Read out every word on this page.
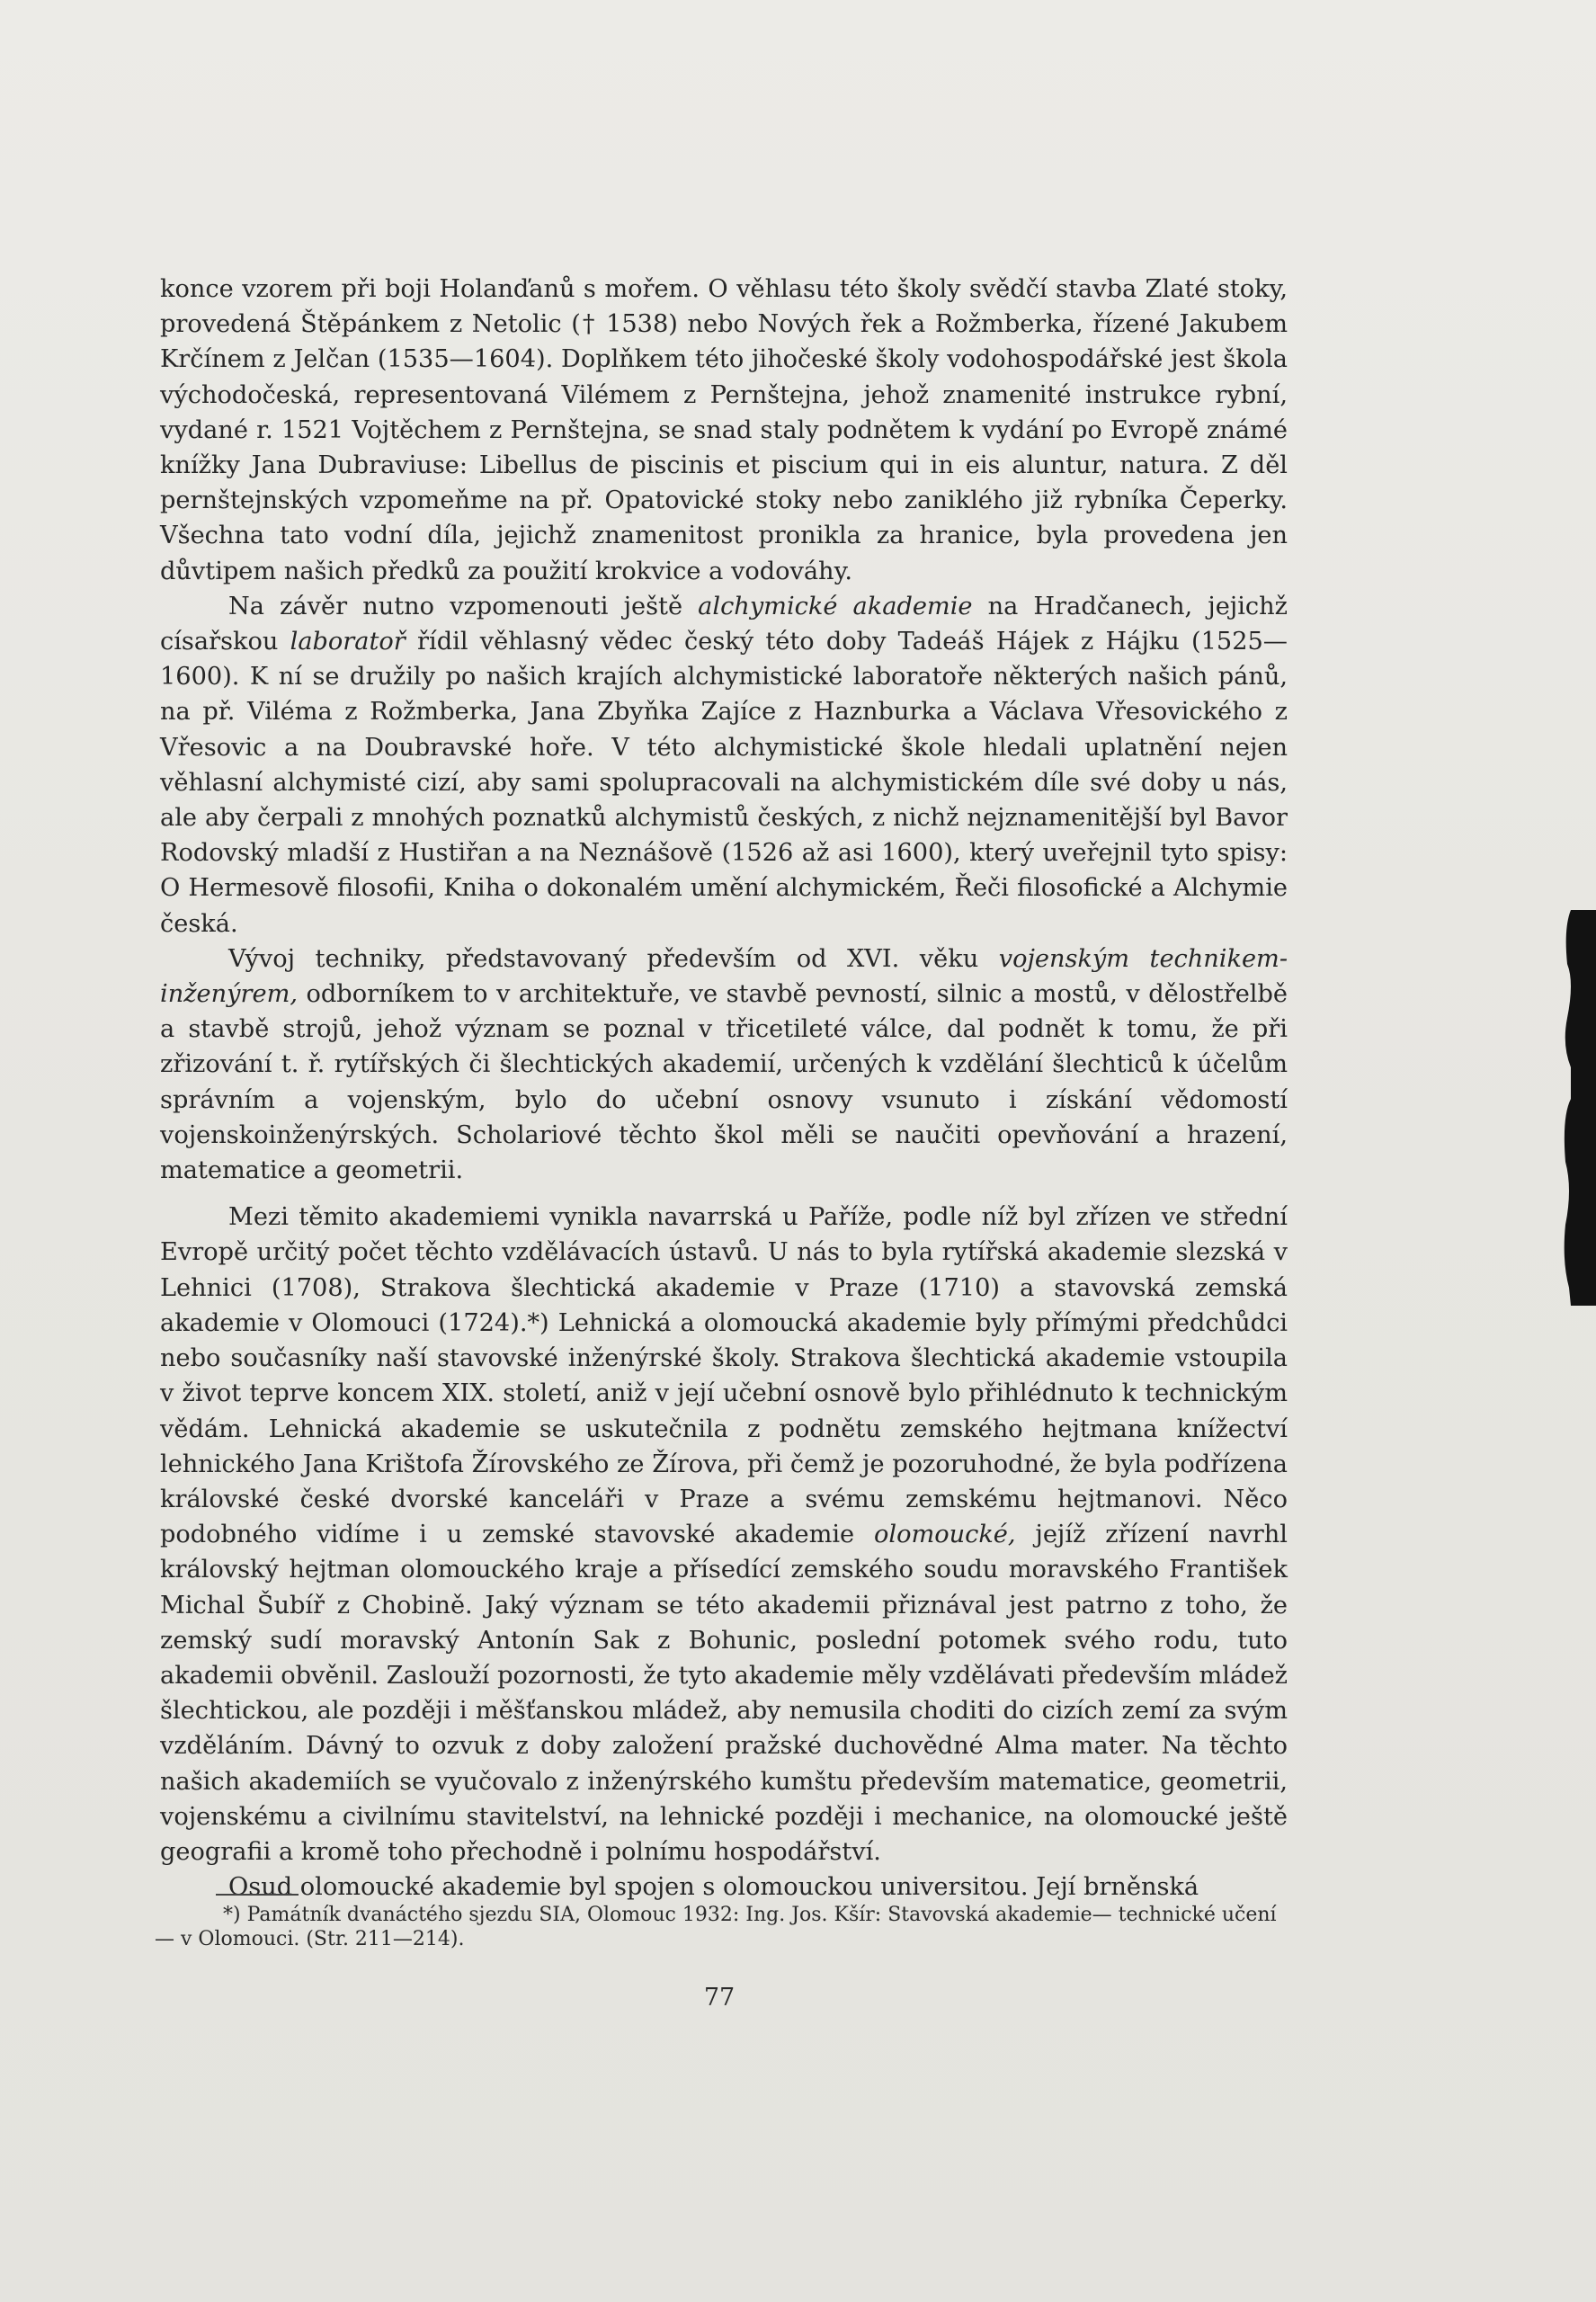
konce vzorem při boji Holanďanů s mořem. O věhlasu této školy svědčí stavba Zlaté stoky, provedená Štěpánkem z Netolic († 1538) nebo Nových řek a Rožmberka, řízené Jakubem Krčínem z Jelčan (1535—1604). Doplňkem této jihočeské školy vodohospodářské jest škola východočeská, representovaná Vilémem z Pernštejna, jehož znamenité instrukce rybní, vydané r. 1521 Vojtěchem z Pernštejna, se snad staly podnětem k vydání po Evropě známé knížky Jana Dubraviuse: Libellus de piscinis et piscium qui in eis aluntur, natura. Z děl pernštejnských vzpomeňme na př. Opatovické stoky nebo zaniklého již rybníka Čeperky. Všechna tato vodní díla, jejichž znamenitost pronikla za hranice, byla provedena jen důvtipem našich předků za použití krokvice a vodováhy.

Na závěr nutno vzpomenouti ještě alchymické akademie na Hradčanech, jejichž císařskou laboratoř řídil věhlasný vědec český této doby Tadeáš Hájek z Hájku (1525—1600). K ní se družily po našich krajích alchymistické laboratoře některých našich pánů, na př. Viléma z Rožmberka, Jana Zbyňka Zajíce z Haznburka a Václava Vřesovického z Vřesovic a na Doubravské hoře. V této alchymistické škole hledali uplatnění nejen věhlasní alchymisté cizí, aby sami spolupracovali na alchymistickém díle své doby u nás, ale aby čerpali z mnohých poznatků alchymistů českých, z nichž nejznamenitější byl Bavor Rodovský mladší z Hustiřan a na Neznášově (1526 až asi 1600), který uveřejnil tyto spisy: O Hermesově filosofii, Kniha o dokonalém umění alchymickém, Řeči filosofické a Alchymie česká.

Vývoj techniky, představovaný především od XVI. věku vojenským technikem-inženýrem, odborníkem to v architektuře, ve stavbě pevností, silnic a mostů, v dělostřelbě a stavbě strojů, jehož význam se poznal v třicetileté válce, dal podnět k tomu, že při zřizování t. ř. rytířských či šlechtických akademií, určených k vzdělání šlechticů k účelům správním a vojenským, bylo do učební osnovy vsunuto i získání vědomostí vojenskoinženýrských. Scholariové těchto škol měli se naučiti opevňování a hrazení, matematice a geometrii.

Mezi těmito akademiemi vynikla navarrská u Paříže, podle níž byl zřízen ve střední Evropě určitý počet těchto vzdělávacích ústavů. U nás to byla rytířská akademie slezská v Lehnici (1708), Strakova šlechtická akademie v Praze (1710) a stavovská zemská akademie v Olomouci (1724).*) Lehnická a olomoucká akademie byly přímými předchůdci nebo současníky naší stavovské inženýrské školy. Strakova šlechtická akademie vstoupila v život teprve koncem XIX. století, aniž v její učební osnově bylo přihlédnuto k technickým vědám. Lehnická akademie se uskutečnila z podnětu zemského hejtmana knížectví lehnického Jana Krištofa Žírovského ze Žírova, při čemž je pozoruhodné, že byla podřízena královské české dvorské kanceláři v Praze a svému zemskému hejtmanovi. Něco podobného vidíme i u zemské stavovské akademie olomoucké, jejíž zřízení navrhl královský hejtman olomouckého kraje a přísedící zemského soudu moravského František Michal Šubíř z Chobině. Jaký význam se této akademii přiznával jest patrno z toho, že zemský sudí moravský Antonín Sak z Bohunic, poslední potomek svého rodu, tuto akademii obvěnil. Zaslouží pozornosti, že tyto akademie měly vzdělávati především mládež šlechtickou, ale později i měšťanskou mládež, aby nemusila choditi do cizích zemí za svým vzděláním. Dávný to ozvuk z doby založení pražské duchovědné Alma mater. Na těchto našich akademiích se vyučovalo z inženýrského kumštu především matematice, geometrii, vojenskému a civilnímu stavitelství, na lehnické později i mechanice, na olomoucké ještě geografii a kromě toho přechodně i polnímu hospodářství.

Osud olomoucké akademie byl spojen s olomouckou universitou. Její brněnská

*) Památník dvanáctého sjezdu SIA, Olomouc 1932: Ing. Jos. Kšír: Stavovská akademie— technické učení — v Olomouci. (Str. 211—214).

77
